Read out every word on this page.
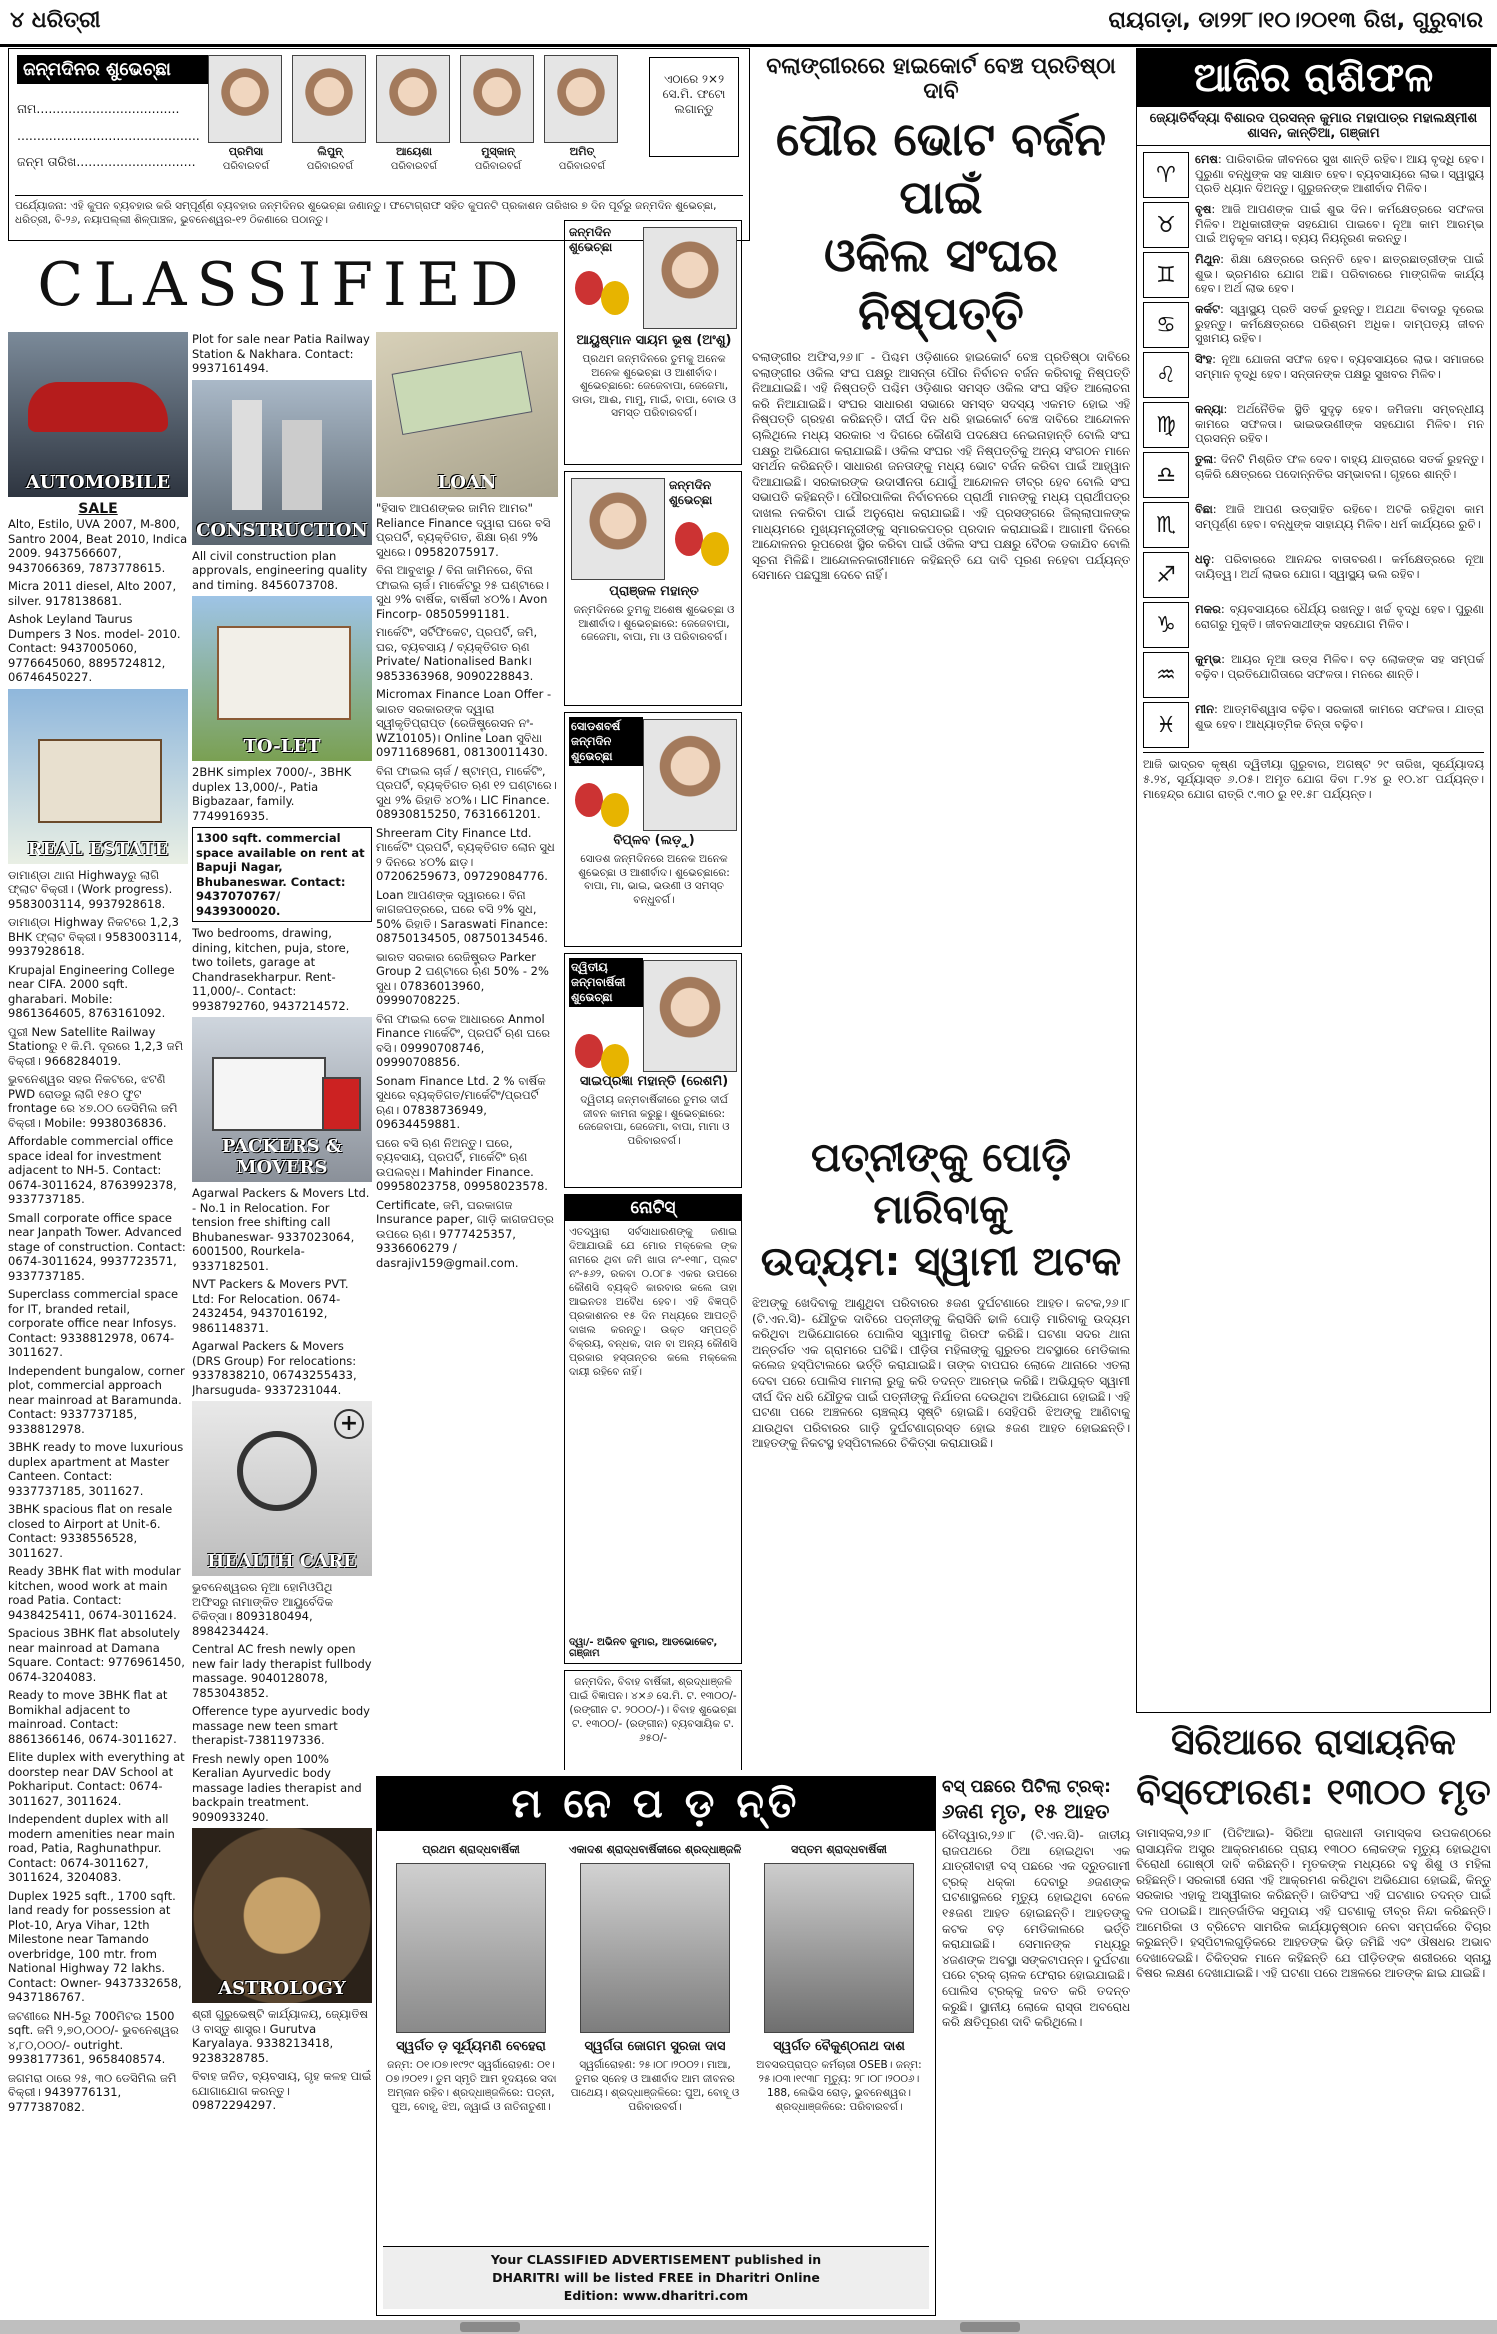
୪ ଧରିତ୍ରୀ	ରାୟଗଡ଼ା, ଡା୨୨୮।୧୦।୨୦୧୩ ରିଖ, ଗୁରୁବାର
ଜନ୍ମଦିନର ଶୁଭେଚ୍ଛା
ନାମ....................................
..............................................
ଜନ୍ମ ତାରିଖ..............................
ପ୍ରମିସା
ପରିବାରବର୍ଗ
ଲିପୁନ୍
ପରିବାରବର୍ଗ
ଆୟେଶା
ପରିବାରବର୍ଗ
ମୁସ୍କାନ୍
ପରିବାରବର୍ଗ
ଅମିତ୍
ପରିବାରବର୍ଗ
ଏଠାରେ ୨×୨ ସେ.ମି. ଫଟୋ ଲଗାନ୍ତୁ
ପର୍ଯ୍ୟୋଜନା: ଏହି କୁପନ ବ୍ୟବହାର କରି ସମ୍ପୂର୍ଣ୍ଣ ବ୍ୟବହାର ଜନ୍ମଦିନର ଶୁଭେଚ୍ଛା ଜଣାନ୍ତୁ। ଫଟୋଗ୍ରାଫ ସହିତ କୁପନଟି ପ୍ରକାଶନ ତାରିଖର ୭ ଦିନ ପୂର୍ବରୁ ଜନ୍ମଦିନ ଶୁଭେଚ୍ଛା, ଧରିତ୍ରୀ, ବି-୨୬, ନୟାପଲ୍ଲୀ ଶିଳ୍ପାଞ୍ଚଳ, ଭୁବନେଶ୍ୱର-୧୨ ଠିକଣାରେ ପଠାନ୍ତୁ।
CLASSIFIED
AUTOMOBILE
SALE
Alto, Estilo, UVA 2007, M-800, Santro 2004, Beat 2010, Indica 2009. 9437566607, 9437066369, 7873778615.
Micra 2011 diesel, Alto 2007, silver. 9178138681.
Ashok Leyland Taurus Dumpers 3 Nos. model- 2010. Contact: 9437005060, 9776645060, 8895724812, 06746450227.
REAL ESTATE
ଡାମାଣ୍ଡା ଥାନା Highwayରୁ ଲାଗି ଫ୍ଲାଟ ବିକ୍ରୀ। (Work progress). 9583003114, 9937928618.
ଡାମାଣ୍ଡା Highway ନିକଟରେ 1,2,3 BHK ଫ୍ଲାଟ ବିକ୍ରୀ। 9583003114, 9937928618.
Krupajal Engineering College near CIFA. 2000 sqft. gharabari. Mobile: 9861364605, 8763161092.
ପୁରୀ New Satellite Railway Stationରୁ ୧ କି.ମି. ଦୂରରେ 1,2,3 ଜମି ବିକ୍ରୀ। 9668284019.
ଭୁବନେଶ୍ୱର ସହର ନିକଟରେ, ଝଟଣି PWD ରୋଡରୁ ଲାଗି ୧୫୦ ଫୁଟ frontage ରେ ୪୭.୦୦ ଡେସିମିଲ ଜମି ବିକ୍ରୀ। Mobile: 9938036836.
Affordable commercial office space ideal for investment adjacent to NH-5. Contact: 0674-3011624, 8763992378, 9337737185.
Small corporate office space near Janpath Tower. Advanced stage of construction. Contact: 0674-3011624, 9937723571, 9337737185.
Superclass commercial space for IT, branded retail, corporate office near Infosys. Contact: 9338812978, 0674-3011627.
Independent bungalow, corner plot, commercial approach near mainroad at Baramunda. Contact: 9337737185, 9338812978.
3BHK ready to move luxurious duplex apartment at Master Canteen. Contact: 9337737185, 3011627.
3BHK spacious flat on resale closed to Airport at Unit-6. Contact: 9338556528, 3011627.
Ready 3BHK flat with modular kitchen, wood work at main road Patia. Contact: 9438425411, 0674-3011624.
Spacious 3BHK flat absolutely near mainroad at Damana Square. Contact: 9776961450, 0674-3204083.
Ready to move 3BHK flat at Bomikhal adjacent to mainroad. Contact: 8861366146, 0674-3011627.
Elite duplex with everything at doorstep near DAV School at Pokhariput. Contact: 0674-3011627, 3011624.
Independent duplex with all modern amenities near main road, Patia, Raghunathpur. Contact: 0674-3011627, 3011624, 3204083.
Duplex 1925 sqft., 1700 sqft. land ready for possession at Plot-10, Arya Vihar, 12th Milestone near Tamando overbridge, 100 mtr. from National Highway 72 lakhs. Contact: Owner- 9437332658, 9437186767.
ଜଟଣୀରେ NH-5ରୁ 700ମିଟର 1500 sqft. ଜମି ୨,୭୦,୦୦୦/- ଭୁବନେଶ୍ୱର ୪,୮୦,୦୦୦/- outright. 9938177361, 9658408574.
ଜଗମରା ଠାରେ ୨୫, ୩୦ ଡେସିମିଲ ଜମି ବିକ୍ରୀ। 9439776131, 9777387082.
Plot for sale near Patia Railway Station & Nakhara. Contact: 9937161494.
CONSTRUCTION
All civil construction plan approvals, engineering quality and timing. 8456073708.
TO-LET
2BHK simplex 7000/-, 3BHK duplex 13,000/-, Patia Bigbazaar, family. 7749916935.
1300 sqft. commercial space available on rent at Bapuji Nagar, Bhubaneswar. Contact: 9437070767/ 9439300020.
Two bedrooms, drawing, dining, kitchen, puja, store, two toilets, garage at Chandrasekharpur. Rent- 11,000/-. Contact: 9938792760, 9437214572.
PACKERS & MOVERS
Agarwal Packers & Movers Ltd. - No.1 in Relocation. For tension free shifting call Bhubaneswar- 9337023064, 6001500, Rourkela- 9337182501.
NVT Packers & Movers PVT. Ltd: For Relocation. 0674-2432454, 9437016192, 9861148371.
Agarwal Packers & Movers (DRS Group) For relocations: 9337838210, 06743255433, Jharsuguda- 9337231044.
+
HEALTH CARE
ଭୁବନେଶ୍ୱରର ନୂଆ ହୋମିଓପିଥି ଅଫିସରୁ ନାମାଙ୍କିତ ଆୟୁର୍ବେଦିକ ଚିକିତ୍ସା। 8093180494, 8984234424.
Central AC fresh newly open new fair lady therapist fullbody massage. 9040128078, 7853043852.
Ofference type ayurvedic body massage new teen smart therapist-7381197336.
Fresh newly open 100% Keralian Ayurvedic body massage ladies therapist and backpain treatment. 9090933240.
ASTROLOGY
ଶ୍ରୀ ଗୁରୁଭେଷ୍ଟି କାର୍ଯ୍ୟାଳୟ, ଜ୍ୟୋତିଷ ଓ ବାସ୍ତୁ ଶାସ୍ତ୍ର। Gurutva Karyalaya. 9338213418, 9238328785.
ବିବାହ ଜନିତ, ବ୍ୟବସାୟ, ଗୃହ କଳହ ପାଇଁ ଯୋଗାଯୋଗ କରନ୍ତୁ। 09872294297.
LOAN
"ହିସାବ ଆପଣଙ୍କର ଜାମିନ ଆମର" Reliance Finance ଦ୍ୱାରା ଘରେ ବସି ପ୍ରପର୍ଟି, ବ୍ୟକ୍ତିଗତ, ଶିକ୍ଷା ଋଣ ୨% ସୁଧରେ। 09582075917.
ବିନା ଆବୁଝାରୁ / ବିନା ଜାମିନରେ, ବିନା ଫାଇଲ ଚାର୍ଜ। ମାର୍କେଟରୁ ୨୫ ଘଣ୍ଟାରେ। ସୁଧ ୨% ବାର୍ଷିକ, ବାର୍ଷିକୀ ୪୦%। Avon Fincorp- 08505991181.
ମାର୍କେଟିଂ, ସର୍ଟିଫିକେଟ, ପ୍ରପର୍ଟି, ଜମି, ଘର, ବ୍ୟବସାୟ / ବ୍ୟକ୍ତିଗତ ଋଣ Private/ Nationalised Bank। 9853363968, 9090228843.
Micromax Finance Loan Offer - ଭାରତ ସରକାରଙ୍କ ଦ୍ୱାରା ସ୍ୱୀକୃତିପ୍ରାପ୍ତ (ରେଜିଷ୍ଟ୍ରେସନ ନଂ- WZ10105)। Online Loan ସୁବିଧା 09711689681, 08130011430.
ବିନା ଫାଇଲ ଚାର୍ଜ / ଷ୍ଟାମ୍ପ, ମାର୍କେଟିଂ, ପ୍ରପର୍ଟି, ବ୍ୟକ୍ତିଗତ ଋଣ ୧୨ ଘଣ୍ଟାରେ। ସୁଧ ୨% ରିହାତି ୪୦%। LIC Finance. 08930815250, 7631661201.
Shreeram City Finance Ltd. ମାର୍କେଟିଂ ପ୍ରପର୍ଟି, ବ୍ୟକ୍ତିଗତ ଲୋନ ସୁଧ ୨ ଦିନରେ ୪୦% ଛାଡ଼। 07206259673, 09729084776.
Loan ଆପଣଙ୍କ ଦ୍ୱାରରେ। ବିନା କାଗଜପତ୍ରରେ, ଘରେ ବସି ୨% ସୁଧ, 50% ରିହାତି। Saraswati Finance: 08750134505, 08750134546.
ଭାରତ ସରକାର ରେଜିଷ୍ଟ୍ରଡ Parker Group 2 ଘଣ୍ଟାରେ ଋଣ 50% - 2% ସୁଧ। 07836013960, 09990708225.
ବିନା ଫାଇଲ ଚେକ ଆଧାରରେ Anmol Finance ମାର୍କେଟିଂ, ପ୍ରପର୍ଟି ଋଣ ଘରେ ବସି। 09990708746, 09990708856.
Sonam Finance Ltd. 2 % ବାର୍ଷିକ ସୁଧରେ ବ୍ୟକ୍ତିଗତ/ମାର୍କେଟିଂ/ପ୍ରପର୍ଟି ଋଣ। 07838736949, 09634459881.
ଘରେ ବସି ଋଣ ନିଅନ୍ତୁ। ଘରେ, ବ୍ୟବସାୟ, ପ୍ରପର୍ଟି, ମାର୍କେଟିଂ ଋଣ ଉପଲବ୍ଧ। Mahinder Finance. 09958023758, 09958023578.
Certificate, ଜମି, ଘରକାଗଜ Insurance paper, ଗାଡ଼ି କାଗଜପତ୍ର ଉପରେ ଋଣ। 9777425357, 9336606279 / dasrajiv159@gmail.com.
ଜନ୍ମଦିନ ଶୁଭେଚ୍ଛା
ଆୟୁଷ୍ମାନ ସାୟମ ଭୂଷ (ଅଂଶୁ)
ପ୍ରଥମ ଜନ୍ମଦିନରେ ତୁମକୁ ଅନେକ ଅନେକ ଶୁଭେଚ୍ଛା ଓ ଆଶୀର୍ବାଦ। ଶୁଭେଚ୍ଛାରେ: ଜେଜେବାପା, ଜେଜେମା, ଡାଡା, ଆଈ, ମାମୁ, ମାଇଁ, ବାପା, ବୋଉ ଓ ସମସ୍ତ ପରିବାରବର୍ଗ।
ଜନ୍ମଦିନ ଶୁଭେଚ୍ଛା
ପ୍ରାଞ୍ଜଳ ମହାନ୍ତ
ଜନ୍ମଦିନରେ ତୁମକୁ ଅଶେଷ ଶୁଭେଚ୍ଛା ଓ ଆଶୀର୍ବାଦ। ଶୁଭେଚ୍ଛାରେ: ଜେଜେବାପା, ଜେଜେମା, ବାପା, ମା ଓ ପରିବାରବର୍ଗ।
ସୋଡଶବର୍ଷ ଜନ୍ମଦିନ ଶୁଭେଚ୍ଛା
ବିପ୍ଳବ (ଲଡ଼ୁ)
ସୋଡଶ ଜନ୍ମଦିନରେ ଅନେକ ଅନେକ ଶୁଭେଚ୍ଛା ଓ ଆଶୀର୍ବାଦ। ଶୁଭେଚ୍ଛାରେ: ବାପା, ମା, ଭାଇ, ଭଉଣୀ ଓ ସମସ୍ତ ବନ୍ଧୁବର୍ଗ।
ଦ୍ୱିତୀୟ ଜନ୍ମବାର୍ଷିକୀ ଶୁଭେଚ୍ଛା
ସାଇପ୍ରଜ୍ଞା ମହାନ୍ତି (ରେଶମି)
ଦ୍ୱିତୀୟ ଜନ୍ମବାର୍ଷିକୀରେ ତୁମର ଦୀର୍ଘ ଜୀବନ କାମନା କରୁଛୁ। ଶୁଭେଚ୍ଛାରେ: ଜେଜେବାପା, ଜେଜେମା, ବାପା, ମାମା ଓ ପରିବାରବର୍ଗ।
ନୋଟିସ୍
ଏତଦ୍ୱାରା ସର୍ବସାଧାରଣଙ୍କୁ ଜଣାଇ ଦିଆଯାଉଛି ଯେ ମୋର ମକ୍କେଲ ଙ୍କ ନାମରେ ଥିବା ଜମି ଖାତା ନଂ-୧୩୮, ପ୍ଲଟ ନଂ-୫୬୨, ରକବା ୦.୦୮୫ ଏକର ଉପରେ କୌଣସି ବ୍ୟକ୍ତି କାରବାର କଲେ ତାହା ଆଇନତଃ ଅବୈଧ ହେବ। ଏହି ବିଜ୍ଞପ୍ତି ପ୍ରକାଶନର ୧୫ ଦିନ ମଧ୍ୟରେ ଆପତ୍ତି ଦାଖଲ କରନ୍ତୁ। ଉକ୍ତ ସମ୍ପତ୍ତି ବିକ୍ରୟ, ବନ୍ଧକ, ଦାନ ବା ଅନ୍ୟ କୌଣସି ପ୍ରକାର ହସ୍ତାନ୍ତର କଲେ ମକ୍କେଲ ଦାୟୀ ରହିବେ ନାହିଁ।
ଦ୍ୱା/- ଅଭିନବ କୁମାର, ଆଡଭୋକେଟ, ଗଞ୍ଜାମ
ଜନ୍ମଦିନ, ବିବାହ ବାର୍ଷିକୀ, ଶ୍ରଦ୍ଧାଞ୍ଜଳି ପାଇଁ ବିଜ୍ଞାପନ। ୪×୬ ସେ.ମି. ଟ. ୧୩୦୦/- (ରଙ୍ଗୀନ ଟ. ୨୦୦୦/-)। ବିବାହ ଶୁଭେଚ୍ଛା ଟ. ୧୩୦୦/- (ରଙ୍ଗୀନ) ବ୍ୟବସାୟିକ ଟ. ୬୫୦/-
ବଲାଙ୍ଗୀରରେ ହାଇକୋର୍ଟ ବେଞ୍ଚ ପ୍ରତିଷ୍ଠା ଦାବି
ପୌର ଭୋଟ ବର୍ଜନ ପାଇଁ
ଓକିଲ ସଂଘର ନିଷ୍ପତ୍ତି
ବଲାଙ୍ଗୀର ଅଫିସ,୨୬।୮ - ପିଶ୍ଚମ ଓଡ଼ିଶାରେ ହାଇକୋର୍ଟ ବେଞ୍ଚ ପ୍ରତିଷ୍ଠା ଦାବିରେ ବଲାଙ୍ଗୀର ଓକିଲ ସଂଘ ପକ୍ଷରୁ ଆସନ୍ତା ପୌର ନିର୍ବାଚନ ବର୍ଜନ କରିବାକୁ ନିଷ୍ପତ୍ତି ନିଆଯାଇଛି। ଏହି ନିଷ୍ପତ୍ତି ପଶ୍ଚିମ ଓଡ଼ିଶାର ସମସ୍ତ ଓକିଲ ସଂଘ ସହିତ ଆଲୋଚନା କରି ନିଆଯାଇଛି। ସଂଘର ସାଧାରଣ ସଭାରେ ସମସ୍ତ ସଦସ୍ୟ ଏକମତ ହୋଇ ଏହି ନିଷ୍ପତ୍ତି ଗ୍ରହଣ କରିଛନ୍ତି। ଦୀର୍ଘ ଦିନ ଧରି ହାଇକୋର୍ଟ ବେଞ୍ଚ ଦାବିରେ ଆନ୍ଦୋଳନ ଚାଲିଥିଲେ ମଧ୍ୟ ସରକାର ଏ ଦିଗରେ କୌଣସି ପଦକ୍ଷେପ ନେଇନାହାନ୍ତି ବୋଲି ସଂଘ ପକ୍ଷରୁ ଅଭିଯୋଗ କରାଯାଇଛି। ଓକିଲ ସଂଘର ଏହି ନିଷ୍ପତ୍ତିକୁ ଅନ୍ୟ ସଂଗଠନ ମାନେ ସମର୍ଥନ କରିଛନ୍ତି। ସାଧାରଣ ଜନତାଙ୍କୁ ମଧ୍ୟ ଭୋଟ ବର୍ଜନ କରିବା ପାଇଁ ଆହ୍ୱାନ ଦିଆଯାଇଛି। ସରକାରଙ୍କ ଉଦାସୀନତା ଯୋଗୁଁ ଆନ୍ଦୋଳନ ତୀବ୍ର ହେବ ବୋଲି ସଂଘ ସଭାପତି କହିଛନ୍ତି। ପୌରପାଳିକା ନିର୍ବାଚନରେ ପ୍ରାର୍ଥୀ ମାନଙ୍କୁ ମଧ୍ୟ ପ୍ରାର୍ଥୀପତ୍ର ଦାଖଲ ନକରିବା ପାଇଁ ଅନୁରୋଧ କରାଯାଇଛି। ଏହି ପ୍ରସଙ୍ଗରେ ଜିଲ୍ଲାପାଳଙ୍କ ମାଧ୍ୟମରେ ମୁଖ୍ୟମନ୍ତ୍ରୀଙ୍କୁ ସ୍ମାରକପତ୍ର ପ୍ରଦାନ କରାଯାଇଛି। ଆଗାମୀ ଦିନରେ ଆନ୍ଦୋଳନର ରୂପରେଖ ସ୍ଥିର କରିବା ପାଇଁ ଓକିଲ ସଂଘ ପକ୍ଷରୁ ବୈଠକ ଡକାଯିବ ବୋଲି ସୂଚନା ମିଳିଛି। ଆନ୍ଦୋଳନକାରୀମାନେ କହିଛନ୍ତି ଯେ ଦାବି ପୂରଣ ନହେବା ପର୍ଯ୍ୟନ୍ତ ସେମାନେ ପଛଘୁଞ୍ଚା ଦେବେ ନାହିଁ।
ପତ୍ନୀଙ୍କୁ ପୋଡ଼ି ମାରିବାକୁ
ଉଦ୍ୟମ: ସ୍ୱାମୀ ଅଟକ
ଝିଅଙ୍କୁ ଖେଦିବାକୁ ଆଣୁଥିବା ପରିବାରର ୫ଜଣ ଦୁର୍ଘଟଣାରେ ଆହତ। କଟକ,୨୬।୮ (ଟି.ଏନ.ସି)- ଯୌତୁକ ଦାବିରେ ପତ୍ନୀଙ୍କୁ କିରାସିନି ଢାଳି ପୋଡ଼ି ମାରିବାକୁ ଉଦ୍ୟମ କରିଥିବା ଅଭିଯୋଗରେ ପୋଲିସ ସ୍ୱାମୀକୁ ଗିରଫ କରିଛି। ଘଟଣା ସଦର ଥାନା ଅନ୍ତର୍ଗତ ଏକ ଗ୍ରାମରେ ଘଟିଛି। ପୀଡ଼ିତା ମହିଳାଙ୍କୁ ଗୁରୁତର ଅବସ୍ଥାରେ ମେଡିକାଲ କଲେଜ ହସ୍ପିଟାଲରେ ଭର୍ତ୍ତି କରାଯାଇଛି। ତାଙ୍କ ବାପଘର ଲୋକେ ଥାନାରେ ଏତଲା ଦେବା ପରେ ପୋଲିସ ମାମଲା ରୁଜୁ କରି ତଦନ୍ତ ଆରମ୍ଭ କରିଛି। ଅଭିଯୁକ୍ତ ସ୍ୱାମୀ ଦୀର୍ଘ ଦିନ ଧରି ଯୌତୁକ ପାଇଁ ପତ୍ନୀଙ୍କୁ ନିର୍ଯାତନା ଦେଉଥିବା ଅଭିଯୋଗ ହୋଇଛି। ଏହି ଘଟଣା ପରେ ଅଞ୍ଚଳରେ ଚାଞ୍ଚଲ୍ୟ ସୃଷ୍ଟି ହୋଇଛି। ସେହିପରି ଝିଅଙ୍କୁ ଆଣିବାକୁ ଯାଉଥିବା ପରିବାରର ଗାଡ଼ି ଦୁର୍ଘଟଣାଗ୍ରସ୍ତ ହୋଇ ୫ଜଣ ଆହତ ହୋଇଛନ୍ତି। ଆହତଙ୍କୁ ନିକଟସ୍ଥ ହସ୍ପିଟାଲରେ ଚିକିତ୍ସା କରାଯାଉଛି।
ଆଜିର ରାଶିଫଳ
ଜ୍ୟୋତିର୍ବିଦ୍ୟା ବିଶାରଦ ପ୍ରସନ୍ନ କୁମାର ମହାପାତ୍ର ମହାଲକ୍ଷ୍ମୀଶ ଶାସନ, କାନ୍ତିଆ, ଗଞ୍ଜାମ
♈
ମେଷ: ପାରିବାରିକ ଜୀବନରେ ସୁଖ ଶାନ୍ତି ରହିବ। ଆୟ ବୃଦ୍ଧି ହେବ। ପୁରୁଣା ବନ୍ଧୁଙ୍କ ସହ ସାକ୍ଷାତ ହେବ। ବ୍ୟବସାୟରେ ଲାଭ। ସ୍ୱାସ୍ଥ୍ୟ ପ୍ରତି ଧ୍ୟାନ ଦିଅନ୍ତୁ। ଗୁରୁଜନଙ୍କ ଆଶୀର୍ବାଦ ମିଳିବ।
♉
ବୃଷ: ଆଜି ଆପଣଙ୍କ ପାଇଁ ଶୁଭ ଦିନ। କର୍ମକ୍ଷେତ୍ରରେ ସଫଳତା ମିଳିବ। ଅଧିକାରୀଙ୍କ ସହଯୋଗ ପାଇବେ। ନୂଆ କାମ ଆରମ୍ଭ ପାଇଁ ଅନୁକୂଳ ସମୟ। ବ୍ୟୟ ନିୟନ୍ତ୍ରଣ କରନ୍ତୁ।
♊
ମିଥୁନ: ଶିକ୍ଷା କ୍ଷେତ୍ରରେ ଉନ୍ନତି ହେବ। ଛାତ୍ରଛାତ୍ରୀଙ୍କ ପାଇଁ ଶୁଭ। ଭ୍ରମଣର ଯୋଗ ଅଛି। ପରିବାରରେ ମାଙ୍ଗଳିକ କାର୍ଯ୍ୟ ହେବ। ଅର୍ଥ ଲାଭ ହେବ।
♋
କର୍କଟ: ସ୍ୱାସ୍ଥ୍ୟ ପ୍ରତି ସତର୍କ ରୁହନ୍ତୁ। ଅଯଥା ବିବାଦରୁ ଦୂରେଇ ରୁହନ୍ତୁ। କର୍ମକ୍ଷେତ୍ରରେ ପରିଶ୍ରମ ଅଧିକ। ଦାମ୍ପତ୍ୟ ଜୀବନ ସୁଖମୟ ରହିବ।
♌
ସିଂହ: ନୂଆ ଯୋଜନା ସଫଳ ହେବ। ବ୍ୟବସାୟରେ ଲାଭ। ସମାଜରେ ସମ୍ମାନ ବୃଦ୍ଧି ହେବ। ସନ୍ତାନଙ୍କ ପକ୍ଷରୁ ସୁଖବର ମିଳିବ।
♍
କନ୍ୟା: ଅର୍ଥନୈତିକ ସ୍ଥିତି ସୁଦୃଢ଼ ହେବ। ଜମିଜମା ସମ୍ବନ୍ଧୀୟ କାମରେ ସଫଳତା। ଭାଇଭଉଣୀଙ୍କ ସହଯୋଗ ମିଳିବ। ମନ ପ୍ରସନ୍ନ ରହିବ।
♎
ତୁଳା: ଦିନଟି ମିଶ୍ରିତ ଫଳ ଦେବ। ବାହ୍ୟ ଯାତ୍ରାରେ ସତର୍କ ରୁହନ୍ତୁ। ଚାକିରି କ୍ଷେତ୍ରରେ ପଦୋନ୍ନତିର ସମ୍ଭାବନା। ଗୃହରେ ଶାନ୍ତି।
♏
ବିଛା: ଆଜି ଆପଣ ଉତ୍ସାହିତ ରହିବେ। ଅଟକି ରହିଥିବା କାମ ସମ୍ପୂର୍ଣ୍ଣ ହେବ। ବନ୍ଧୁଙ୍କ ସାହାଯ୍ୟ ମିଳିବ। ଧର୍ମ କାର୍ଯ୍ୟରେ ରୁଚି।
♐
ଧନୁ: ପରିବାରରେ ଆନନ୍ଦର ବାତାବରଣ। କର୍ମକ୍ଷେତ୍ରରେ ନୂଆ ଦାୟିତ୍ୱ। ଅର୍ଥ ଲାଭର ଯୋଗ। ସ୍ୱାସ୍ଥ୍ୟ ଭଲ ରହିବ।
♑
ମକର: ବ୍ୟବସାୟରେ ଧୈର୍ଯ୍ୟ ରଖନ୍ତୁ। ଖର୍ଚ୍ଚ ବୃଦ୍ଧି ହେବ। ପୁରୁଣା ରୋଗରୁ ମୁକ୍ତି। ଜୀବନସାଥୀଙ୍କ ସହଯୋଗ ମିଳିବ।
♒
କୁମ୍ଭ: ଆୟର ନୂଆ ଉତ୍ସ ମିଳିବ। ବଡ଼ ଲୋକଙ୍କ ସହ ସମ୍ପର୍କ ବଢ଼ିବ। ପ୍ରତିଯୋଗିତାରେ ସଫଳତା। ମନରେ ଶାନ୍ତି।
♓
ମୀନ: ଆତ୍ମବିଶ୍ୱାସ ବଢ଼ିବ। ସରକାରୀ କାମରେ ସଫଳତା। ଯାତ୍ରା ଶୁଭ ହେବ। ଆଧ୍ୟାତ୍ମିକ ଚିନ୍ତା ବଢ଼ିବ।
ଆଜି ଭାଦ୍ରବ କୃଷ୍ଣ ଦ୍ୱିତୀୟା ଗୁରୁବାର, ଅଗଷ୍ଟ ୨୯ ତାରିଖ, ସୂର୍ଯ୍ୟୋଦୟ ୫.୨୪, ସୂର୍ଯ୍ୟାସ୍ତ ୬.୦୫। ଅମୃତ ଯୋଗ ଦିବା ୮.୨୪ ରୁ ୧୦.୪୮ ପର୍ଯ୍ୟନ୍ତ। ମାହେନ୍ଦ୍ର ଯୋଗ ରାତ୍ରି ୯.୩୦ ରୁ ୧୧.୫୮ ପର୍ଯ୍ୟନ୍ତ।
ସିରିଆରେ ରାସାୟନିକ
ବିସ୍ଫୋରଣ: ୧୩୦୦ ମୃତ
ଡାମାସ୍କସ,୨୬।୮ (ପିଟିଆଇ)- ସିରିଆ ରାଜଧାନୀ ଡାମାସ୍କସ ଉପକଣ୍ଠରେ ରାସାୟନିକ ଅସ୍ତ୍ର ଆକ୍ରମଣରେ ପ୍ରାୟ ୧୩୦୦ ଲୋକଙ୍କ ମୃତ୍ୟୁ ହୋଇଥିବା ବିରୋଧୀ ଗୋଷ୍ଠୀ ଦାବି କରିଛନ୍ତି। ମୃତକଙ୍କ ମଧ୍ୟରେ ବହୁ ଶିଶୁ ଓ ମହିଳା ରହିଛନ୍ତି। ସରକାରୀ ସେନା ଏହି ଆକ୍ରମଣ କରିଥିବା ଅଭିଯୋଗ ହୋଇଛି, କିନ୍ତୁ ସରକାର ଏହାକୁ ଅସ୍ୱୀକାର କରିଛନ୍ତି। ଜାତିସଂଘ ଏହି ଘଟଣାର ତଦନ୍ତ ପାଇଁ ଦଳ ପଠାଇଛି। ଆନ୍ତର୍ଜାତିକ ସମୁଦାୟ ଏହି ଘଟଣାକୁ ତୀବ୍ର ନିନ୍ଦା କରିଛନ୍ତି। ଆମେରିକା ଓ ବ୍ରିଟେନ ସାମରିକ କାର୍ଯ୍ୟାନୁଷ୍ଠାନ ନେବା ସମ୍ପର୍କରେ ବିଚାର କରୁଛନ୍ତି। ହସ୍ପିଟାଲଗୁଡ଼ିକରେ ଆହତଙ୍କ ଭିଡ଼ ଜମିଛି ଏବଂ ଔଷଧର ଅଭାବ ଦେଖାଦେଇଛି। ଚିକିତ୍ସକ ମାନେ କହିଛନ୍ତି ଯେ ପୀଡ଼ିତଙ୍କ ଶରୀରରେ ସ୍ନାୟୁ ବିଷର ଲକ୍ଷଣ ଦେଖାଯାଇଛି। ଏହି ଘଟଣା ପରେ ଅଞ୍ଚଳରେ ଆତଙ୍କ ଛାଇ ଯାଇଛି।
ମ ନେ ପ ଡ଼ ନ୍ତି
ପ୍ରଥମ ଶ୍ରାଦ୍ଧବାର୍ଷିକୀ
ସ୍ୱର୍ଗତ ଡ଼ ସୂର୍ଯ୍ୟମଣି ବେହେରା
ଜନ୍ମ: ୦୧।୦୭।୧୯୨୯ ସ୍ୱର୍ଗାରୋହଣ: ୦୧।୦୭।୨୦୧୨। ତୁମ ସ୍ମୃତି ଆମ ହୃଦୟରେ ସଦା ଅମ୍ଳାନ ରହିବ। ଶ୍ରଦ୍ଧାଞ୍ଜଳିରେ: ପତ୍ନୀ, ପୁଅ, ବୋହୂ, ଝିଅ, ଜ୍ୱାଇଁ ଓ ନାତିନାତୁଣୀ।
ଏକାଦଶ ଶ୍ରାଦ୍ଧବାର୍ଷିକୀରେ ଶ୍ରଦ୍ଧାଞ୍ଜଳି
ସ୍ୱର୍ଗତା ଜୋଗମ ସୁରଜା ଦାସ
ସ୍ୱର୍ଗାରୋହଣ: ୨୫।୦୮।୨୦୦୨। ମାଆ, ତୁମର ସ୍ନେହ ଓ ଆଶୀର୍ବାଦ ଆମ ଜୀବନର ପାଥେୟ। ଶ୍ରଦ୍ଧାଞ୍ଜଳିରେ: ପୁଅ, ବୋହୂ ଓ ପରିବାରବର୍ଗ।
ସପ୍ତମ ଶ୍ରାଦ୍ଧବାର୍ଷିକୀ
ସ୍ୱର୍ଗତ ବୈକୁଣ୍ଠନାଥ ଦାଶ
ଅବସରପ୍ରାପ୍ତ କର୍ମଚାରୀ OSEB। ଜନ୍ମ: ୨୫।୦୩।୧୯୩୮ ମୃତ୍ୟୁ: ୨୮।୦୮।୨୦୦୬। 188, ଲେଭିସ ରୋଡ଼, ଭୁବନେଶ୍ୱର। ଶ୍ରଦ୍ଧାଞ୍ଜଳିରେ: ପରିବାରବର୍ଗ।
Your CLASSIFIED ADVERTISEMENT published in
DHARITRI will be listed FREE in Dharitri Online
Edition: www.dharitri.com
ବସ୍ ପଛରେ ପିଟିଲା ଟ୍ରକ୍:
୬ଜଣ ମୃତ, ୧୫ ଆହତ
ଚୌଦ୍ୱାର,୨୬।୮ (ଟି.ଏନ.ସି)- ଜାତୀୟ ରାଜପଥରେ ଠିଆ ହୋଇଥିବା ଏକ ଯାତ୍ରୀବାହୀ ବସ୍ ପଛରେ ଏକ ଦ୍ରୁତଗାମୀ ଟ୍ରକ୍ ଧକ୍କା ଦେବାରୁ ୬ଜଣଙ୍କ ଘଟଣାସ୍ଥଳରେ ମୃତ୍ୟୁ ହୋଇଥିବା ବେଳେ ୧୫ଜଣ ଆହତ ହୋଇଛନ୍ତି। ଆହତଙ୍କୁ କଟକ ବଡ଼ ମେଡିକାଲରେ ଭର୍ତ୍ତି କରାଯାଇଛି। ସେମାନଙ୍କ ମଧ୍ୟରୁ ୪ଜଣଙ୍କ ଅବସ୍ଥା ସଙ୍କଟାପନ୍ନ। ଦୁର୍ଘଟଣା ପରେ ଟ୍ରକ୍ ଚାଳକ ଫେରାର ହୋଇଯାଇଛି। ପୋଲିସ ଟ୍ରକ୍‌କୁ ଜବତ କରି ତଦନ୍ତ କରୁଛି। ସ୍ଥାନୀୟ ଲୋକେ ରାସ୍ତା ଅବରୋଧ କରି କ୍ଷତିପୂରଣ ଦାବି କରିଥିଲେ।
